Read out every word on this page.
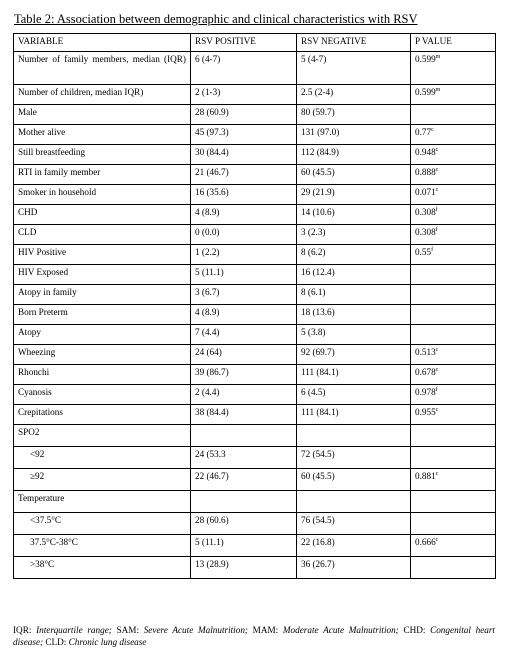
Table 2: Association between demographic and clinical characteristics with RSV
VARIABLE	RSV POSITIVE	RSV NEGATIVE	P VALUE
Number of family members, median (IQR)	6 (4-7)	5 (4-7)	0.599$^m$
Number of children, median IQR)	2 (1-3)	2.5 (2-4)	0.599$^m$
Male	28 (60.9)	80 (59.7)	
Mother alive	45 (97.3)	131 (97.0)	0.77$^c$
Still breastfeeding	30 (84.4)	112 (84.9)	0.948$^c$
RTI in family member	21 (46.7)	60 (45.5)	0.888$^c$
Smoker in household	16 (35.6)	29 (21.9)	0.071$^c$
CHD	4 (8.9)	14 (10.6)	0.308$^f$
CLD	0 (0.0)	3 (2.3)	0.308$^f$
HIV Positive	1 (2.2)	8 (6.2)	0.55$^f$
HIV Exposed	5 (11.1)	16 (12.4)	
Atopy in family	3 (6.7)	8 (6.1)	
Born Preterm	4 (8.9)	18 (13.6)	
Atopy	7 (4.4)	5 (3.8)	
Wheezing	24 (64)	92 (69.7)	0.513$^c$
Rhonchi	39 (86.7)	111 (84.1)	0.678$^c$
Cyanosis	2 (4.4)	6 (4.5)	0.978$^f$
Crepitations	38 (84.4)	111 (84.1)	0.955$^c$
SPO2			
<92	24 (53.3	72 (54.5)	
≥92	22 (46.7)	60 (45.5)	0.881$^c$
Temperature			
<37.5°C	28 (60.6)	76 (54.5)	
37.5°C-38°C	5 (11.1)	22 (16.8)	0.666$^c$
>38°C	13 (28.9)	36 (26.7)	
IQR: Interquartile range; SAM: Severe Acute Malnutrition; MAM: Moderate Acute Malnutrition; CHD: Congenital heart disease; CLD: Chronic lung disease
